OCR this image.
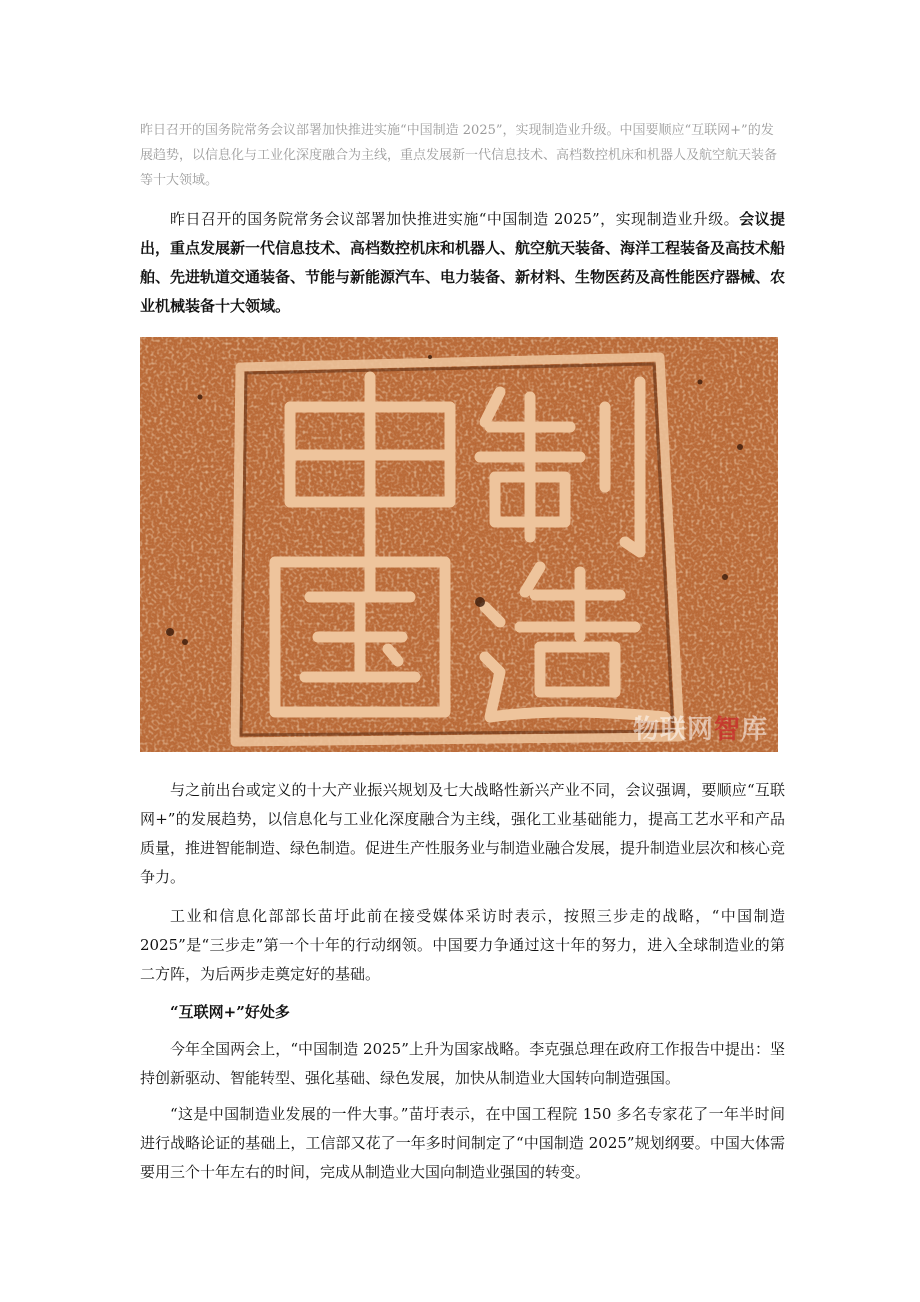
昨日召开的国务院常务会议部署加快推进实施“中国制造 2025”，实现制造业升级。中国要顺应“互联网+”的发展趋势，以信息化与工业化深度融合为主线，重点发展新一代信息技术、高档数控机床和机器人及航空航天装备等十大领域。

昨日召开的国务院常务会议部署加快推进实施“中国制造 2025”，实现制造业升级。会议提出，重点发展新一代信息技术、高档数控机床和机器人、航空航天装备、海洋工程装备及高技术船舶、先进轨道交通装备、节能与新能源汽车、电力装备、新材料、生物医药及高性能医疗器械、农业机械装备十大领域。

物联网智库

与之前出台或定义的十大产业振兴规划及七大战略性新兴产业不同，会议强调，要顺应“互联网+”的发展趋势，以信息化与工业化深度融合为主线，强化工业基础能力，提高工艺水平和产品质量，推进智能制造、绿色制造。促进生产性服务业与制造业融合发展，提升制造业层次和核心竞争力。

工业和信息化部部长苗圩此前在接受媒体采访时表示，按照三步走的战略，“中国制造 2025”是“三步走”第一个十年的行动纲领。中国要力争通过这十年的努力，进入全球制造业的第二方阵，为后两步走奠定好的基础。

“互联网+”好处多

今年全国两会上，“中国制造 2025”上升为国家战略。李克强总理在政府工作报告中提出：坚持创新驱动、智能转型、强化基础、绿色发展，加快从制造业大国转向制造强国。

“这是中国制造业发展的一件大事。”苗圩表示，在中国工程院 150 多名专家花了一年半时间进行战略论证的基础上，工信部又花了一年多时间制定了“中国制造 2025”规划纲要。中国大体需要用三个十年左右的时间，完成从制造业大国向制造业强国的转变。
